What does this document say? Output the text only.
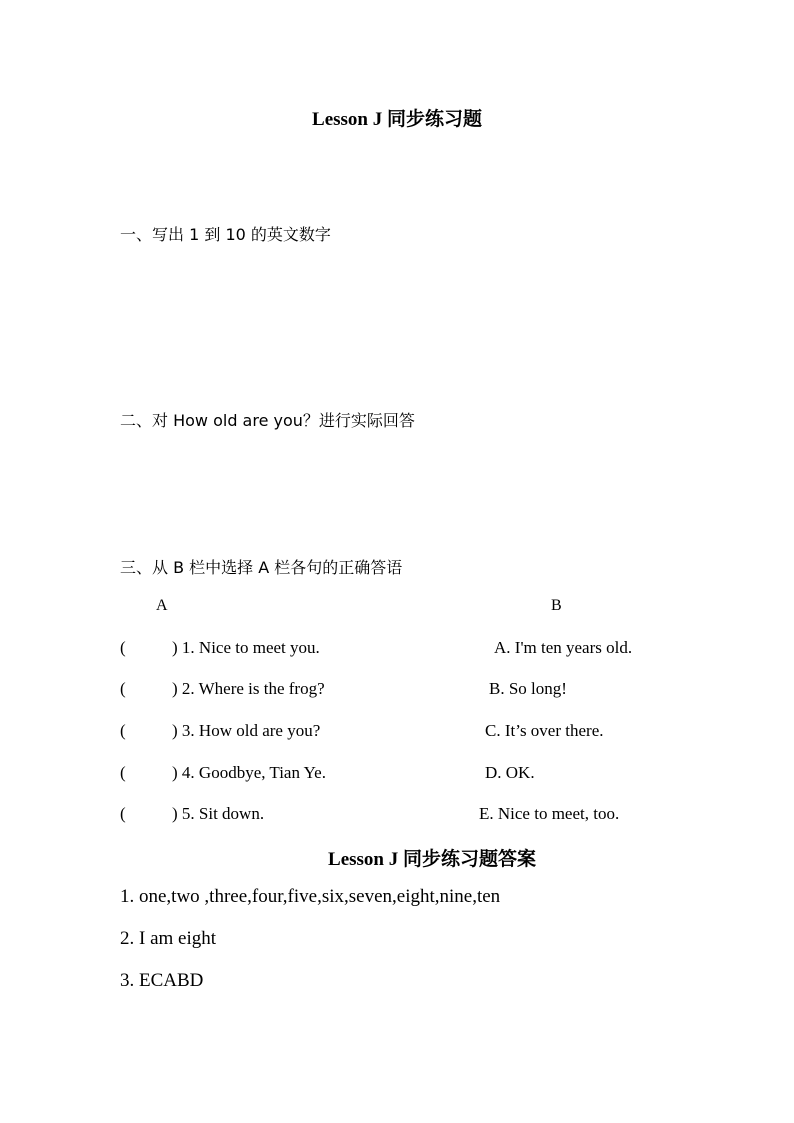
Lesson J 同步练习题
一、写出 1 到 10 的英文数字
二、对 How old are you？进行实际回答
三、从 B 栏中选择 A 栏各句的正确答语
A	B
(	) 1. Nice to meet you.	A. I'm ten years old.
(	) 2. Where is the frog?	B. So long!
(	) 3. How old are you?	C. It’s over there.
(	) 4. Goodbye, Tian Ye.	D. OK.
(	) 5. Sit down.	E. Nice to meet, too.
Lesson J 同步练习题答案
1. one,two ,three,four,five,six,seven,eight,nine,ten
2. I am eight
3. ECABD
